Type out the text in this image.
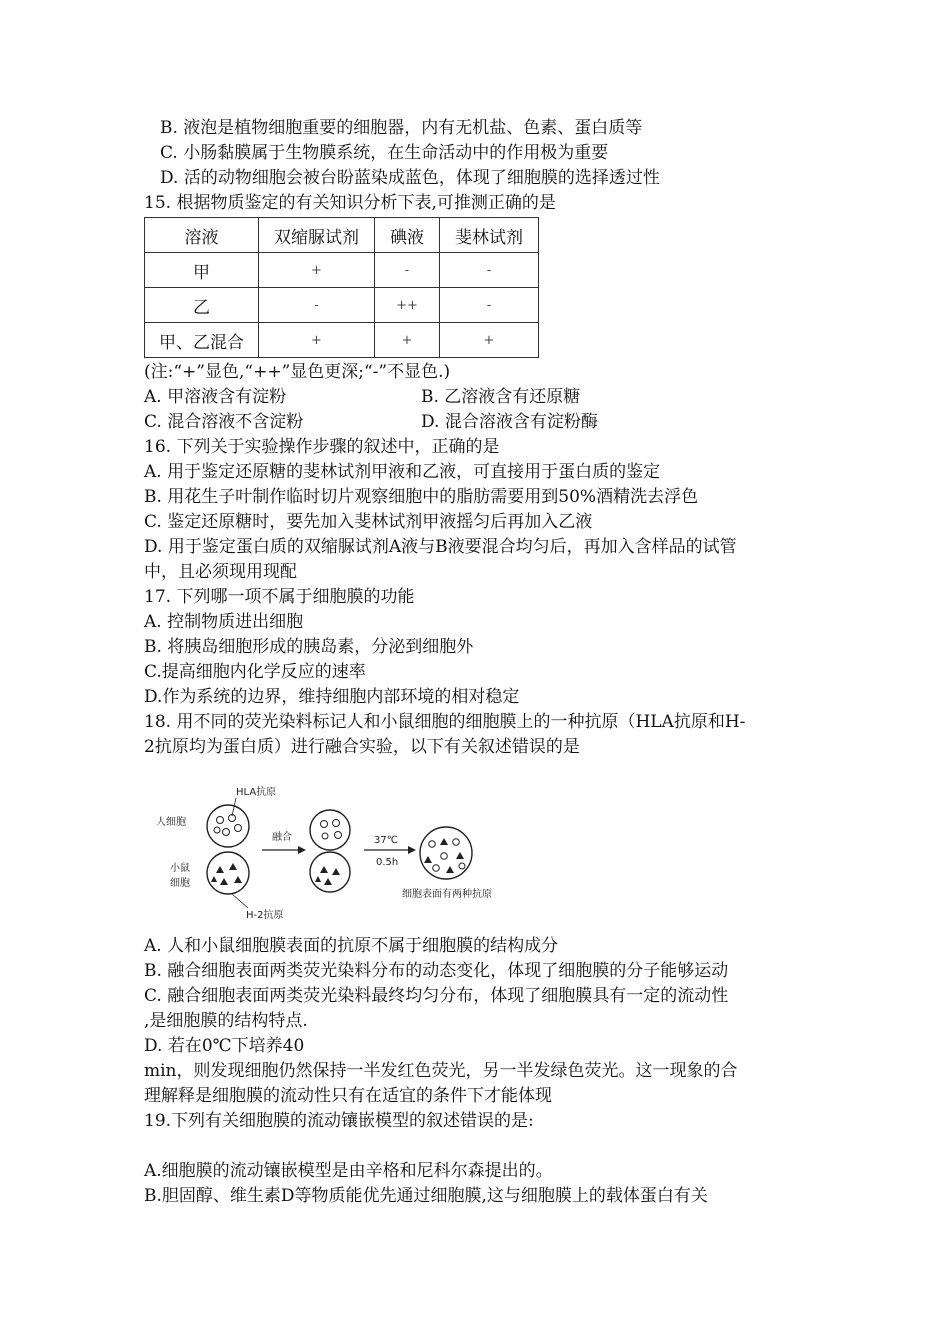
B. 液泡是植物细胞重要的细胞器，内有无机盐、色素、蛋白质等
C. 小肠黏膜属于生物膜系统，在生命活动中的作用极为重要
D. 活的动物细胞会被台盼蓝染成蓝色，体现了细胞膜的选择透过性
15. 根据物质鉴定的有关知识分析下表,可推测正确的是
溶液	双缩脲试剂	碘液	斐林试剂
甲	+	-	-
乙	-	++	-
甲、乙混合	+	+	+
(注:“+”显色,“++”显色更深;“-”不显色.)
A. 甲溶液含有淀粉	B. 乙溶液含有还原糖
C. 混合溶液不含淀粉	D. 混合溶液含有淀粉酶
16. 下列关于实验操作步骤的叙述中，正确的是
A. 用于鉴定还原糖的斐林试剂甲液和乙液，可直接用于蛋白质的鉴定
B. 用花生子叶制作临时切片观察细胞中的脂肪需要用到50%酒精洗去浮色
C. 鉴定还原糖时，要先加入斐林试剂甲液摇匀后再加入乙液
D. 用于鉴定蛋白质的双缩脲试剂A液与B液要混合均匀后，再加入含样品的试管
中，且必须现用现配
17. 下列哪一项不属于细胞膜的功能
A. 控制物质进出细胞
B. 将胰岛细胞形成的胰岛素，分泌到细胞外
C.提高细胞内化学反应的速率
D.作为系统的边界，维持细胞内部环境的相对稳定
18. 用不同的荧光染料标记人和小鼠细胞的细胞膜上的一种抗原（HLA抗原和H-
2抗原均为蛋白质）进行融合实验，以下有关叙述错误的是
HLA抗原
人细胞
小鼠
细胞
H-2抗原
融合	37℃
0.5h
细胞表面有两种抗原
A. 人和小鼠细胞膜表面的抗原不属于细胞膜的结构成分
B. 融合细胞表面两类荧光染料分布的动态变化，体现了细胞膜的分子能够运动
C. 融合细胞表面两类荧光染料最终均匀分布，体现了细胞膜具有一定的流动性
,是细胞膜的结构特点.
D. 若在0℃下培养40
min，则发现细胞仍然保持一半发红色荧光，另一半发绿色荧光。这一现象的合
理解释是细胞膜的流动性只有在适宜的条件下才能体现
19.下列有关细胞膜的流动镶嵌模型的叙述错误的是:
A.细胞膜的流动镶嵌模型是由辛格和尼科尔森提出的。
B.胆固醇、维生素D等物质能优先通过细胞膜,这与细胞膜上的载体蛋白有关
